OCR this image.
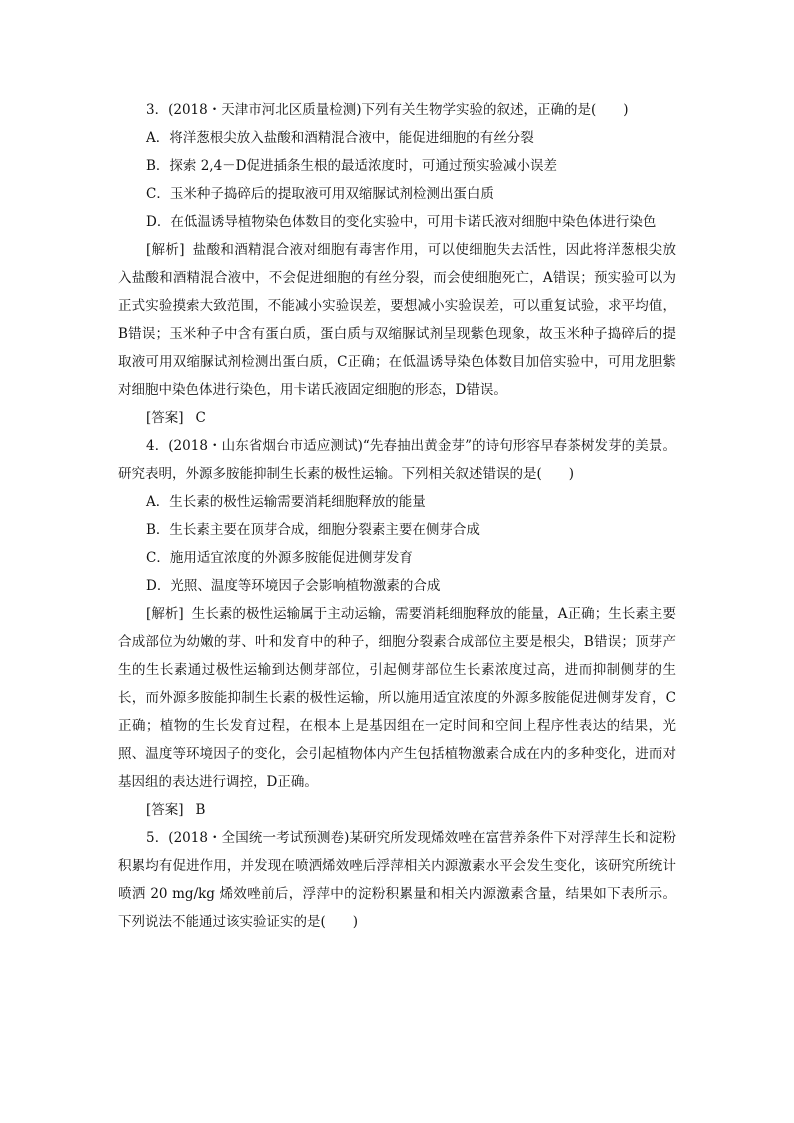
3．(2018・天津市河北区质量检测)下列有关生物学实验的叙述，正确的是(　　)

A．将洋葱根尖放入盐酸和酒精混合液中，能促进细胞的有丝分裂

B．探索 2,4－D促进插条生根的最适浓度时，可通过预实验减小误差

C．玉米种子捣碎后的提取液可用双缩脲试剂检测出蛋白质

D．在低温诱导植物染色体数目的变化实验中，可用卡诺氏液对细胞中染色体进行染色

[解析] 盐酸和酒精混合液对细胞有毒害作用，可以使细胞失去活性，因此将洋葱根尖放入盐酸和酒精混合液中，不会促进细胞的有丝分裂，而会使细胞死亡，A错误；预实验可以为正式实验摸索大致范围，不能减小实验误差，要想减小实验误差，可以重复试验，求平均值，B错误；玉米种子中含有蛋白质，蛋白质与双缩脲试剂呈现紫色现象，故玉米种子捣碎后的提取液可用双缩脲试剂检测出蛋白质，C正确；在低温诱导染色体数目加倍实验中，可用龙胆紫对细胞中染色体进行染色，用卡诺氏液固定细胞的形态，D错误。

[答案] C

4．(2018・山东省烟台市适应测试)“先春抽出黄金芽”的诗句形容早春茶树发芽的美景。研究表明，外源多胺能抑制生长素的极性运输。下列相关叙述错误的是(　　)

A．生长素的极性运输需要消耗细胞释放的能量

B．生长素主要在顶芽合成，细胞分裂素主要在侧芽合成

C．施用适宜浓度的外源多胺能促进侧芽发育

D．光照、温度等环境因子会影响植物激素的合成

[解析] 生长素的极性运输属于主动运输，需要消耗细胞释放的能量，A正确；生长素主要合成部位为幼嫩的芽、叶和发育中的种子，细胞分裂素合成部位主要是根尖，B错误；顶芽产生的生长素通过极性运输到达侧芽部位，引起侧芽部位生长素浓度过高，进而抑制侧芽的生长，而外源多胺能抑制生长素的极性运输，所以施用适宜浓度的外源多胺能促进侧芽发育，C正确；植物的生长发育过程，在根本上是基因组在一定时间和空间上程序性表达的结果，光照、温度等环境因子的变化，会引起植物体内产生包括植物激素合成在内的多种变化，进而对基因组的表达进行调控，D正确。

[答案] B

5．(2018・全国统一考试预测卷)某研究所发现烯效唑在富营养条件下对浮萍生长和淀粉积累均有促进作用，并发现在喷洒烯效唑后浮萍相关内源激素水平会发生变化，该研究所统计喷洒 20 mg/kg 烯效唑前后，浮萍中的淀粉积累量和相关内源激素含量，结果如下表所示。下列说法不能通过该实验证实的是(　　)
